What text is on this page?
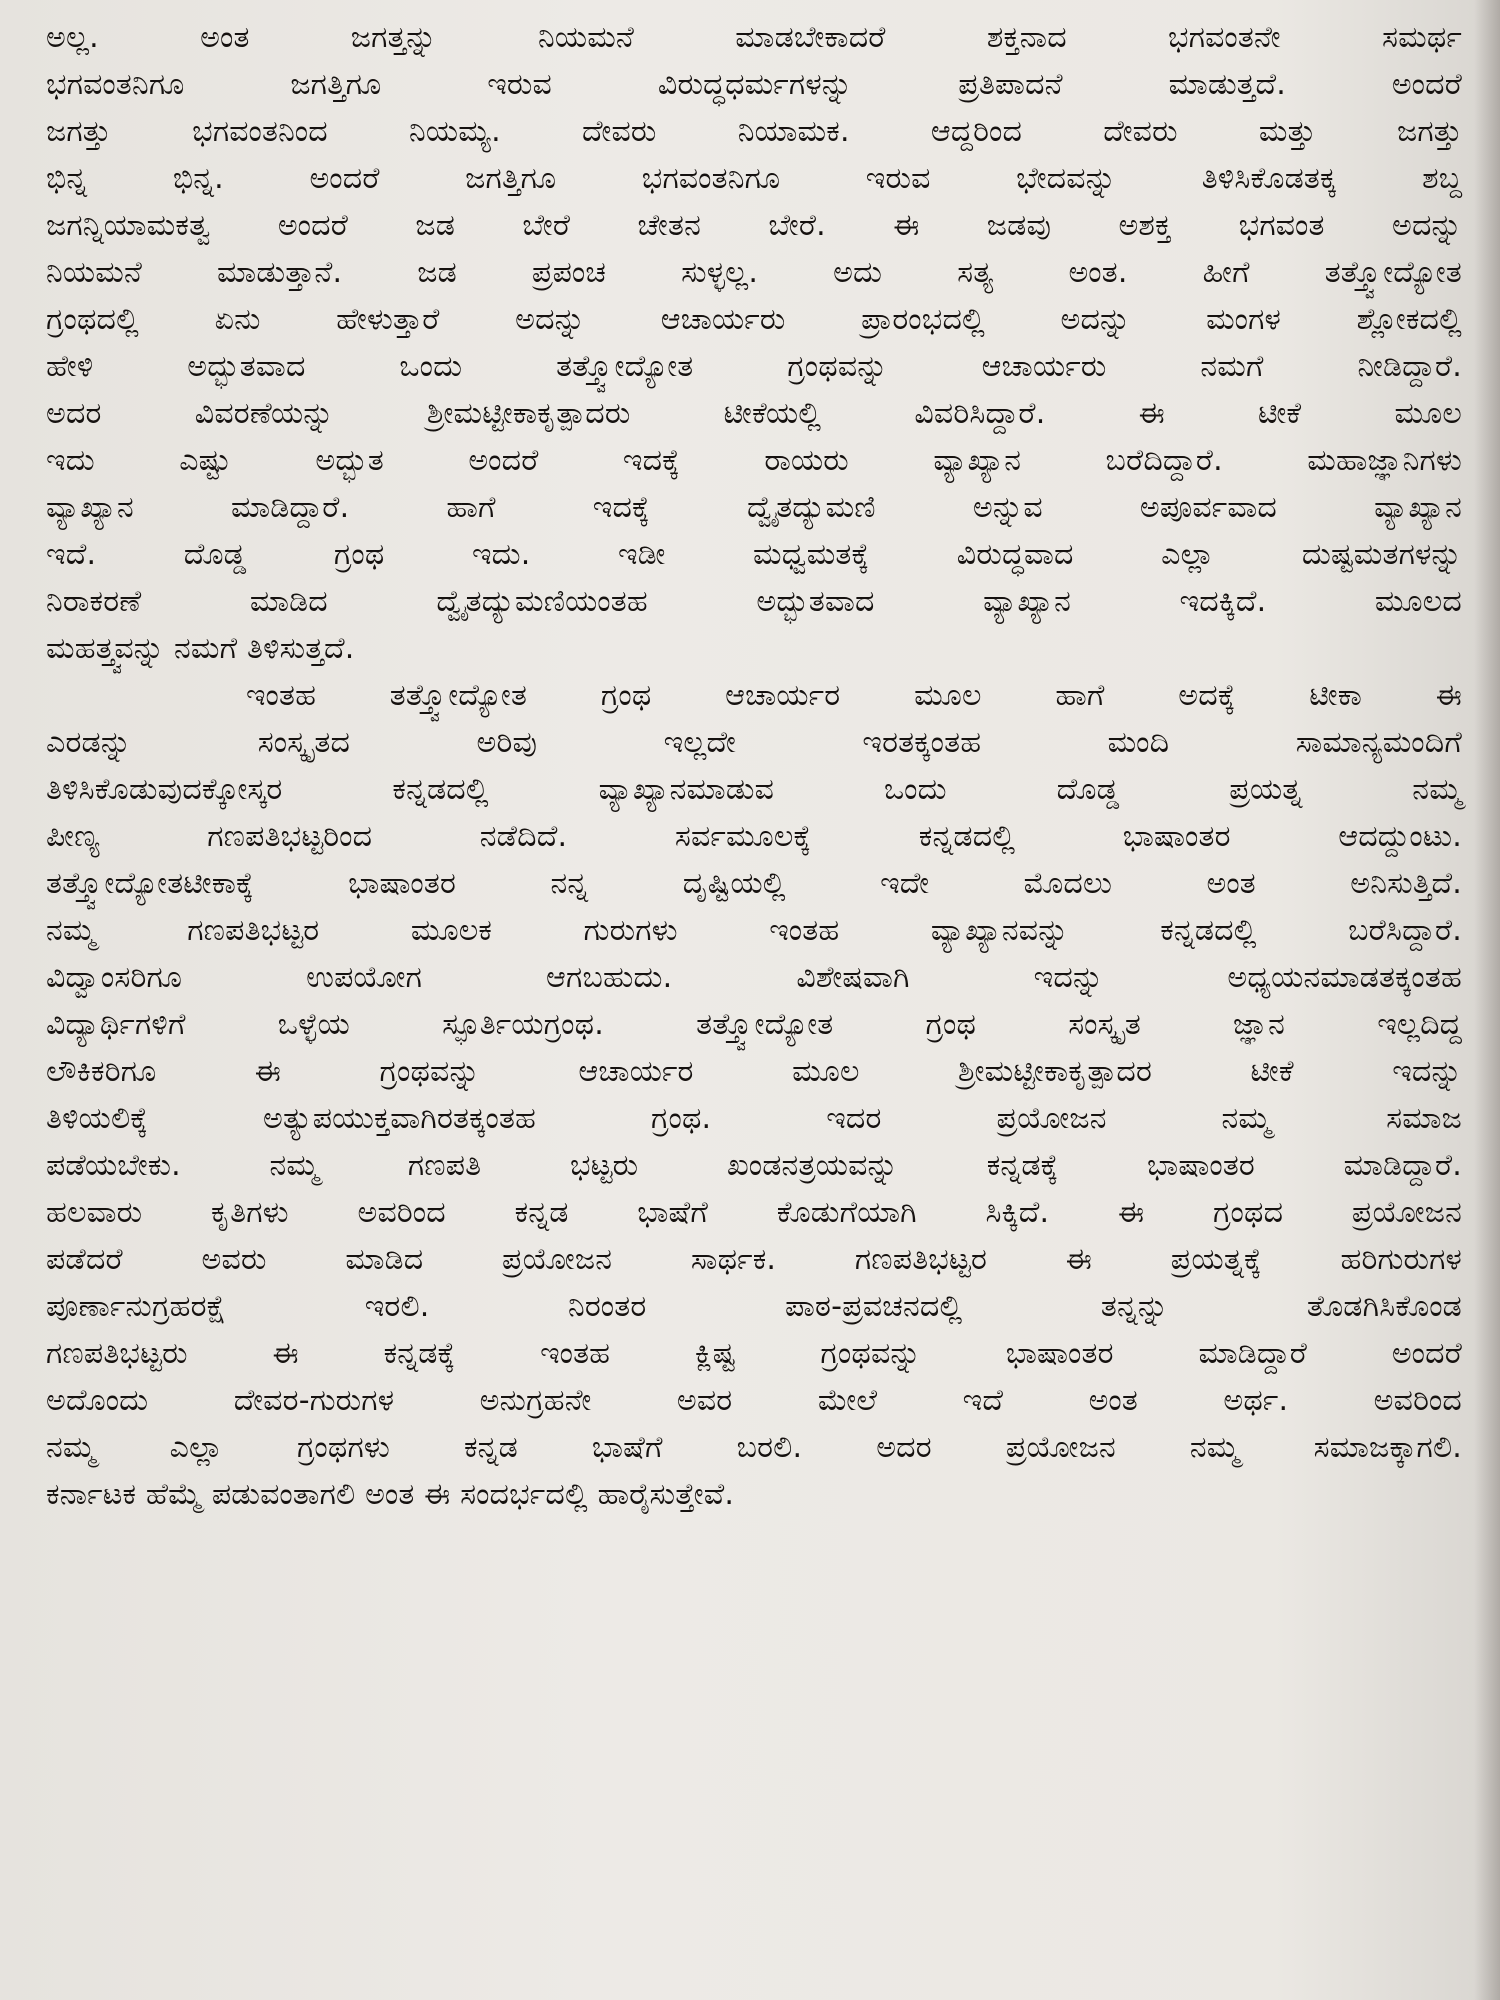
ಅಲ್ಲ. ಅಂತ ಜಗತ್ತನ್ನು ನಿಯಮನೆ ಮಾಡಬೇಕಾದರೆ ಶಕ್ತನಾದ ಭಗವಂತನೇ ಸಮರ್ಥ
ಭಗವಂತನಿಗೂ ಜಗತ್ತಿಗೂ ಇರುವ ವಿರುದ್ಧಧರ್ಮಗಳನ್ನು ಪ್ರತಿಪಾದನೆ ಮಾಡುತ್ತದೆ. ಅಂದರೆ
ಜಗತ್ತು ಭಗವಂತನಿಂದ ನಿಯಮ್ಯ. ದೇವರು ನಿಯಾಮಕ. ಆದ್ದರಿಂದ ದೇವರು ಮತ್ತು ಜಗತ್ತು
ಭಿನ್ನ ಭಿನ್ನ. ಅಂದರೆ ಜಗತ್ತಿಗೂ ಭಗವಂತನಿಗೂ ಇರುವ ಭೇದವನ್ನು ತಿಳಿಸಿಕೊಡತಕ್ಕ ಶಬ್ದ
ಜಗನ್ನಿಯಾಮಕತ್ವ ಅಂದರೆ ಜಡ ಬೇರೆ ಚೇತನ ಬೇರೆ. ಈ ಜಡವು ಅಶಕ್ತ ಭಗವಂತ ಅದನ್ನು
ನಿಯಮನೆ ಮಾಡುತ್ತಾನೆ. ಜಡ ಪ್ರಪಂಚ ಸುಳ್ಳಲ್ಲ. ಅದು ಸತ್ಯ ಅಂತ. ಹೀಗೆ ತತ್ತ್ವೋದ್ಯೋತ
ಗ್ರಂಥದಲ್ಲಿ ಏನು ಹೇಳುತ್ತಾರೆ ಅದನ್ನು ಆಚಾರ್ಯರು ಪ್ರಾರಂಭದಲ್ಲಿ ಅದನ್ನು ಮಂಗಳ ಶ್ಲೋಕದಲ್ಲಿ
ಹೇಳಿ ಅದ್ಭುತವಾದ ಒಂದು ತತ್ತ್ವೋದ್ಯೋತ ಗ್ರಂಥವನ್ನು ಆಚಾರ್ಯರು ನಮಗೆ ನೀಡಿದ್ದಾರೆ.
ಅದರ ವಿವರಣೆಯನ್ನು ಶ್ರೀಮಟ್ಟೀಕಾಕೃತ್ಪಾದರು ಟೀಕೆಯಲ್ಲಿ ವಿವರಿಸಿದ್ದಾರೆ. ಈ ಟೀಕೆ ಮೂಲ
ಇದು ಎಷ್ಟು ಅದ್ಭುತ ಅಂದರೆ ಇದಕ್ಕೆ ರಾಯರು ವ್ಯಾಖ್ಯಾನ ಬರೆದಿದ್ದಾರೆ. ಮಹಾಜ್ಞಾನಿಗಳು
ವ್ಯಾಖ್ಯಾನ ಮಾಡಿದ್ದಾರೆ. ಹಾಗೆ ಇದಕ್ಕೆ ದ್ವೈತದ್ಯುಮಣಿ ಅನ್ನುವ ಅಪೂರ್ವವಾದ ವ್ಯಾಖ್ಯಾನ
ಇದೆ. ದೊಡ್ಡ ಗ್ರಂಥ ಇದು. ಇಡೀ ಮಧ್ವಮತಕ್ಕೆ ವಿರುದ್ಧವಾದ ಎಲ್ಲಾ ದುಷ್ಟಮತಗಳನ್ನು
ನಿರಾಕರಣೆ ಮಾಡಿದ ದ್ವೈತದ್ಯುಮಣಿಯಂತಹ ಅದ್ಭುತವಾದ ವ್ಯಾಖ್ಯಾನ ಇದಕ್ಕಿದೆ. ಮೂಲದ
ಮಹತ್ತ್ವವನ್ನು ನಮಗೆ ತಿಳಿಸುತ್ತದೆ.
ಇಂತಹ ತತ್ತ್ವೋದ್ಯೋತ ಗ್ರಂಥ ಆಚಾರ್ಯರ ಮೂಲ ಹಾಗೆ ಅದಕ್ಕೆ ಟೀಕಾ ಈ
ಎರಡನ್ನು ಸಂಸ್ಕೃತದ ಅರಿವು ಇಲ್ಲದೇ ಇರತಕ್ಕಂತಹ ಮಂದಿ ಸಾಮಾನ್ಯಮಂದಿಗೆ
ತಿಳಿಸಿಕೊಡುವುದಕ್ಕೋಸ್ಕರ ಕನ್ನಡದಲ್ಲಿ ವ್ಯಾಖ್ಯಾನಮಾಡುವ ಒಂದು ದೊಡ್ಡ ಪ್ರಯತ್ನ ನಮ್ಮ
ಪೀಣ್ಯ ಗಣಪತಿಭಟ್ಟರಿಂದ ನಡೆದಿದೆ. ಸರ್ವಮೂಲಕ್ಕೆ ಕನ್ನಡದಲ್ಲಿ ಭಾಷಾಂತರ ಆದದ್ದುಂಟು.
ತತ್ತ್ವೋದ್ಯೋತಟೀಕಾಕ್ಕೆ ಭಾಷಾಂತರ ನನ್ನ ದೃಷ್ಟಿಯಲ್ಲಿ ಇದೇ ಮೊದಲು ಅಂತ ಅನಿಸುತ್ತಿದೆ.
ನಮ್ಮ ಗಣಪತಿಭಟ್ಟರ ಮೂಲಕ ಗುರುಗಳು ಇಂತಹ ವ್ಯಾಖ್ಯಾನವನ್ನು ಕನ್ನಡದಲ್ಲಿ ಬರೆಸಿದ್ದಾರೆ.
ವಿದ್ವಾಂಸರಿಗೂ ಉಪಯೋಗ ಆಗಬಹುದು. ವಿಶೇಷವಾಗಿ ಇದನ್ನು ಅಧ್ಯಯನಮಾಡತಕ್ಕಂತಹ
ವಿದ್ಯಾರ್ಥಿಗಳಿಗೆ ಒಳ್ಳೆಯ ಸ್ಫೂರ್ತಿಯಗ್ರಂಥ. ತತ್ತ್ವೋದ್ಯೋತ ಗ್ರಂಥ ಸಂಸ್ಕೃತ ಜ್ಞಾನ ಇಲ್ಲದಿದ್ದ
ಲೌಕಿಕರಿಗೂ ಈ ಗ್ರಂಥವನ್ನು ಆಚಾರ್ಯರ ಮೂಲ ಶ್ರೀಮಟ್ಟೀಕಾಕೃತ್ಪಾದರ ಟೀಕೆ ಇದನ್ನು
ತಿಳಿಯಲಿಕ್ಕೆ ಅತ್ಯುಪಯುಕ್ತವಾಗಿರತಕ್ಕಂತಹ ಗ್ರಂಥ. ಇದರ ಪ್ರಯೋಜನ ನಮ್ಮ ಸಮಾಜ
ಪಡೆಯಬೇಕು. ನಮ್ಮ ಗಣಪತಿ ಭಟ್ಟರು ಖಂಡನತ್ರಯವನ್ನು ಕನ್ನಡಕ್ಕೆ ಭಾಷಾಂತರ ಮಾಡಿದ್ದಾರೆ.
ಹಲವಾರು ಕೃತಿಗಳು ಅವರಿಂದ ಕನ್ನಡ ಭಾಷೆಗೆ ಕೊಡುಗೆಯಾಗಿ ಸಿಕ್ಕಿದೆ. ಈ ಗ್ರಂಥದ ಪ್ರಯೋಜನ
ಪಡೆದರೆ ಅವರು ಮಾಡಿದ ಪ್ರಯೋಜನ ಸಾರ್ಥಕ. ಗಣಪತಿಭಟ್ಟರ ಈ ಪ್ರಯತ್ನಕ್ಕೆ ಹರಿಗುರುಗಳ
ಪೂರ್ಣಾನುಗ್ರಹರಕ್ಷೆ ಇರಲಿ. ನಿರಂತರ ಪಾಠ-ಪ್ರವಚನದಲ್ಲಿ ತನ್ನನ್ನು ತೊಡಗಿಸಿಕೊಂಡ
ಗಣಪತಿಭಟ್ಟರು ಈ ಕನ್ನಡಕ್ಕೆ ಇಂತಹ ಕ್ಲಿಷ್ಟ ಗ್ರಂಥವನ್ನು ಭಾಷಾಂತರ ಮಾಡಿದ್ದಾರೆ ಅಂದರೆ
ಅದೊಂದು ದೇವರ-ಗುರುಗಳ ಅನುಗ್ರಹನೇ ಅವರ ಮೇಲೆ ಇದೆ ಅಂತ ಅರ್ಥ. ಅವರಿಂದ
ನಮ್ಮ ಎಲ್ಲಾ ಗ್ರಂಥಗಳು ಕನ್ನಡ ಭಾಷೆಗೆ ಬರಲಿ. ಅದರ ಪ್ರಯೋಜನ ನಮ್ಮ ಸಮಾಜಕ್ಕಾಗಲಿ.
ಕರ್ನಾಟಕ ಹೆಮ್ಮೆ ಪಡುವಂತಾಗಲಿ ಅಂತ ಈ ಸಂದರ್ಭದಲ್ಲಿ ಹಾರೈಸುತ್ತೇವೆ.
